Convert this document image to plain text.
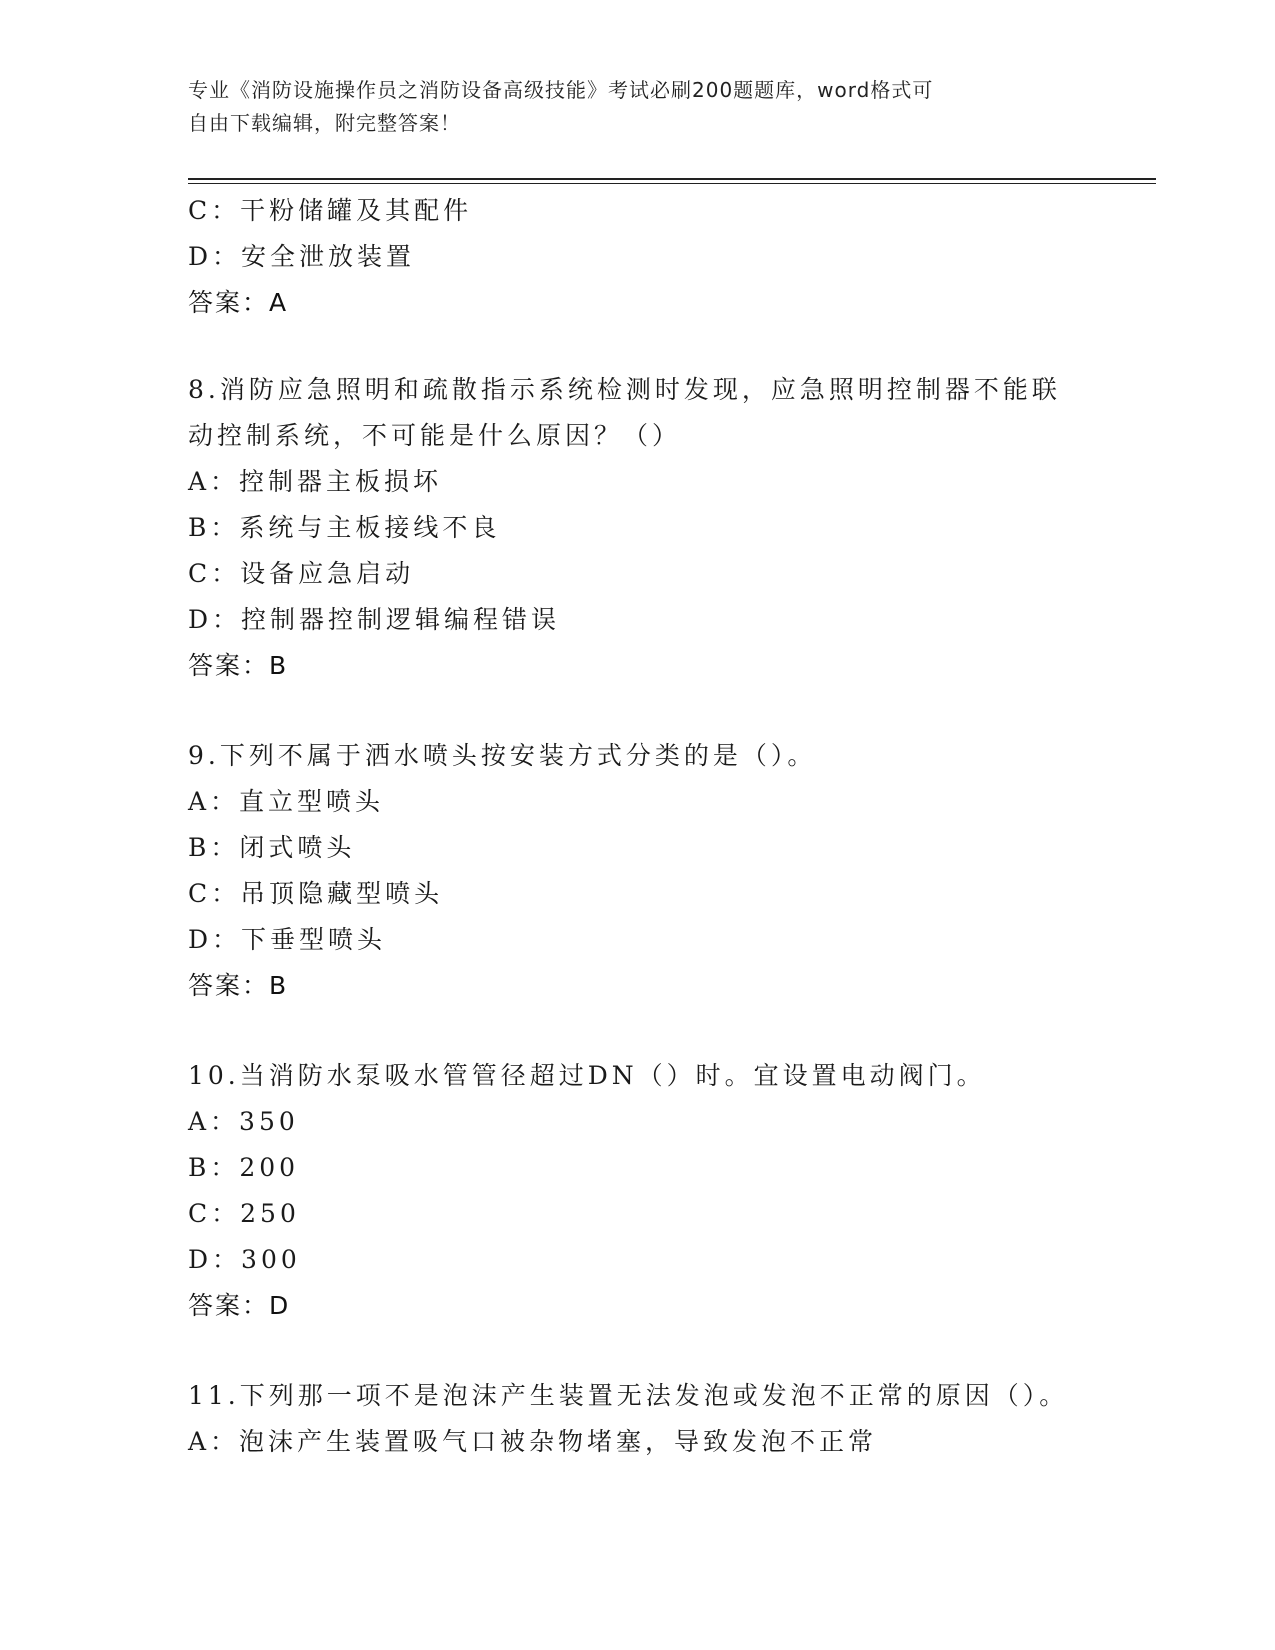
专业《消防设施操作员之消防设备高级技能》考试必刷200题题库，word格式可
自由下载编辑，附完整答案！
C：干粉储罐及其配件
D：安全泄放装置
答案：A
8.消防应急照明和疏散指示系统检测时发现，应急照明控制器不能联
动控制系统，不可能是什么原因？（）
A：控制器主板损坏
B：系统与主板接线不良
C：设备应急启动
D：控制器控制逻辑编程错误
答案：B
9.下列不属于洒水喷头按安装方式分类的是（）。
A：直立型喷头
B：闭式喷头
C：吊顶隐藏型喷头
D：下垂型喷头
答案：B
10.当消防水泵吸水管管径超过DN（）时。宜设置电动阀门。
A：350
B：200
C：250
D：300
答案：D
11.下列那一项不是泡沫产生装置无法发泡或发泡不正常的原因（）。
A：泡沫产生装置吸气口被杂物堵塞，导致发泡不正常
